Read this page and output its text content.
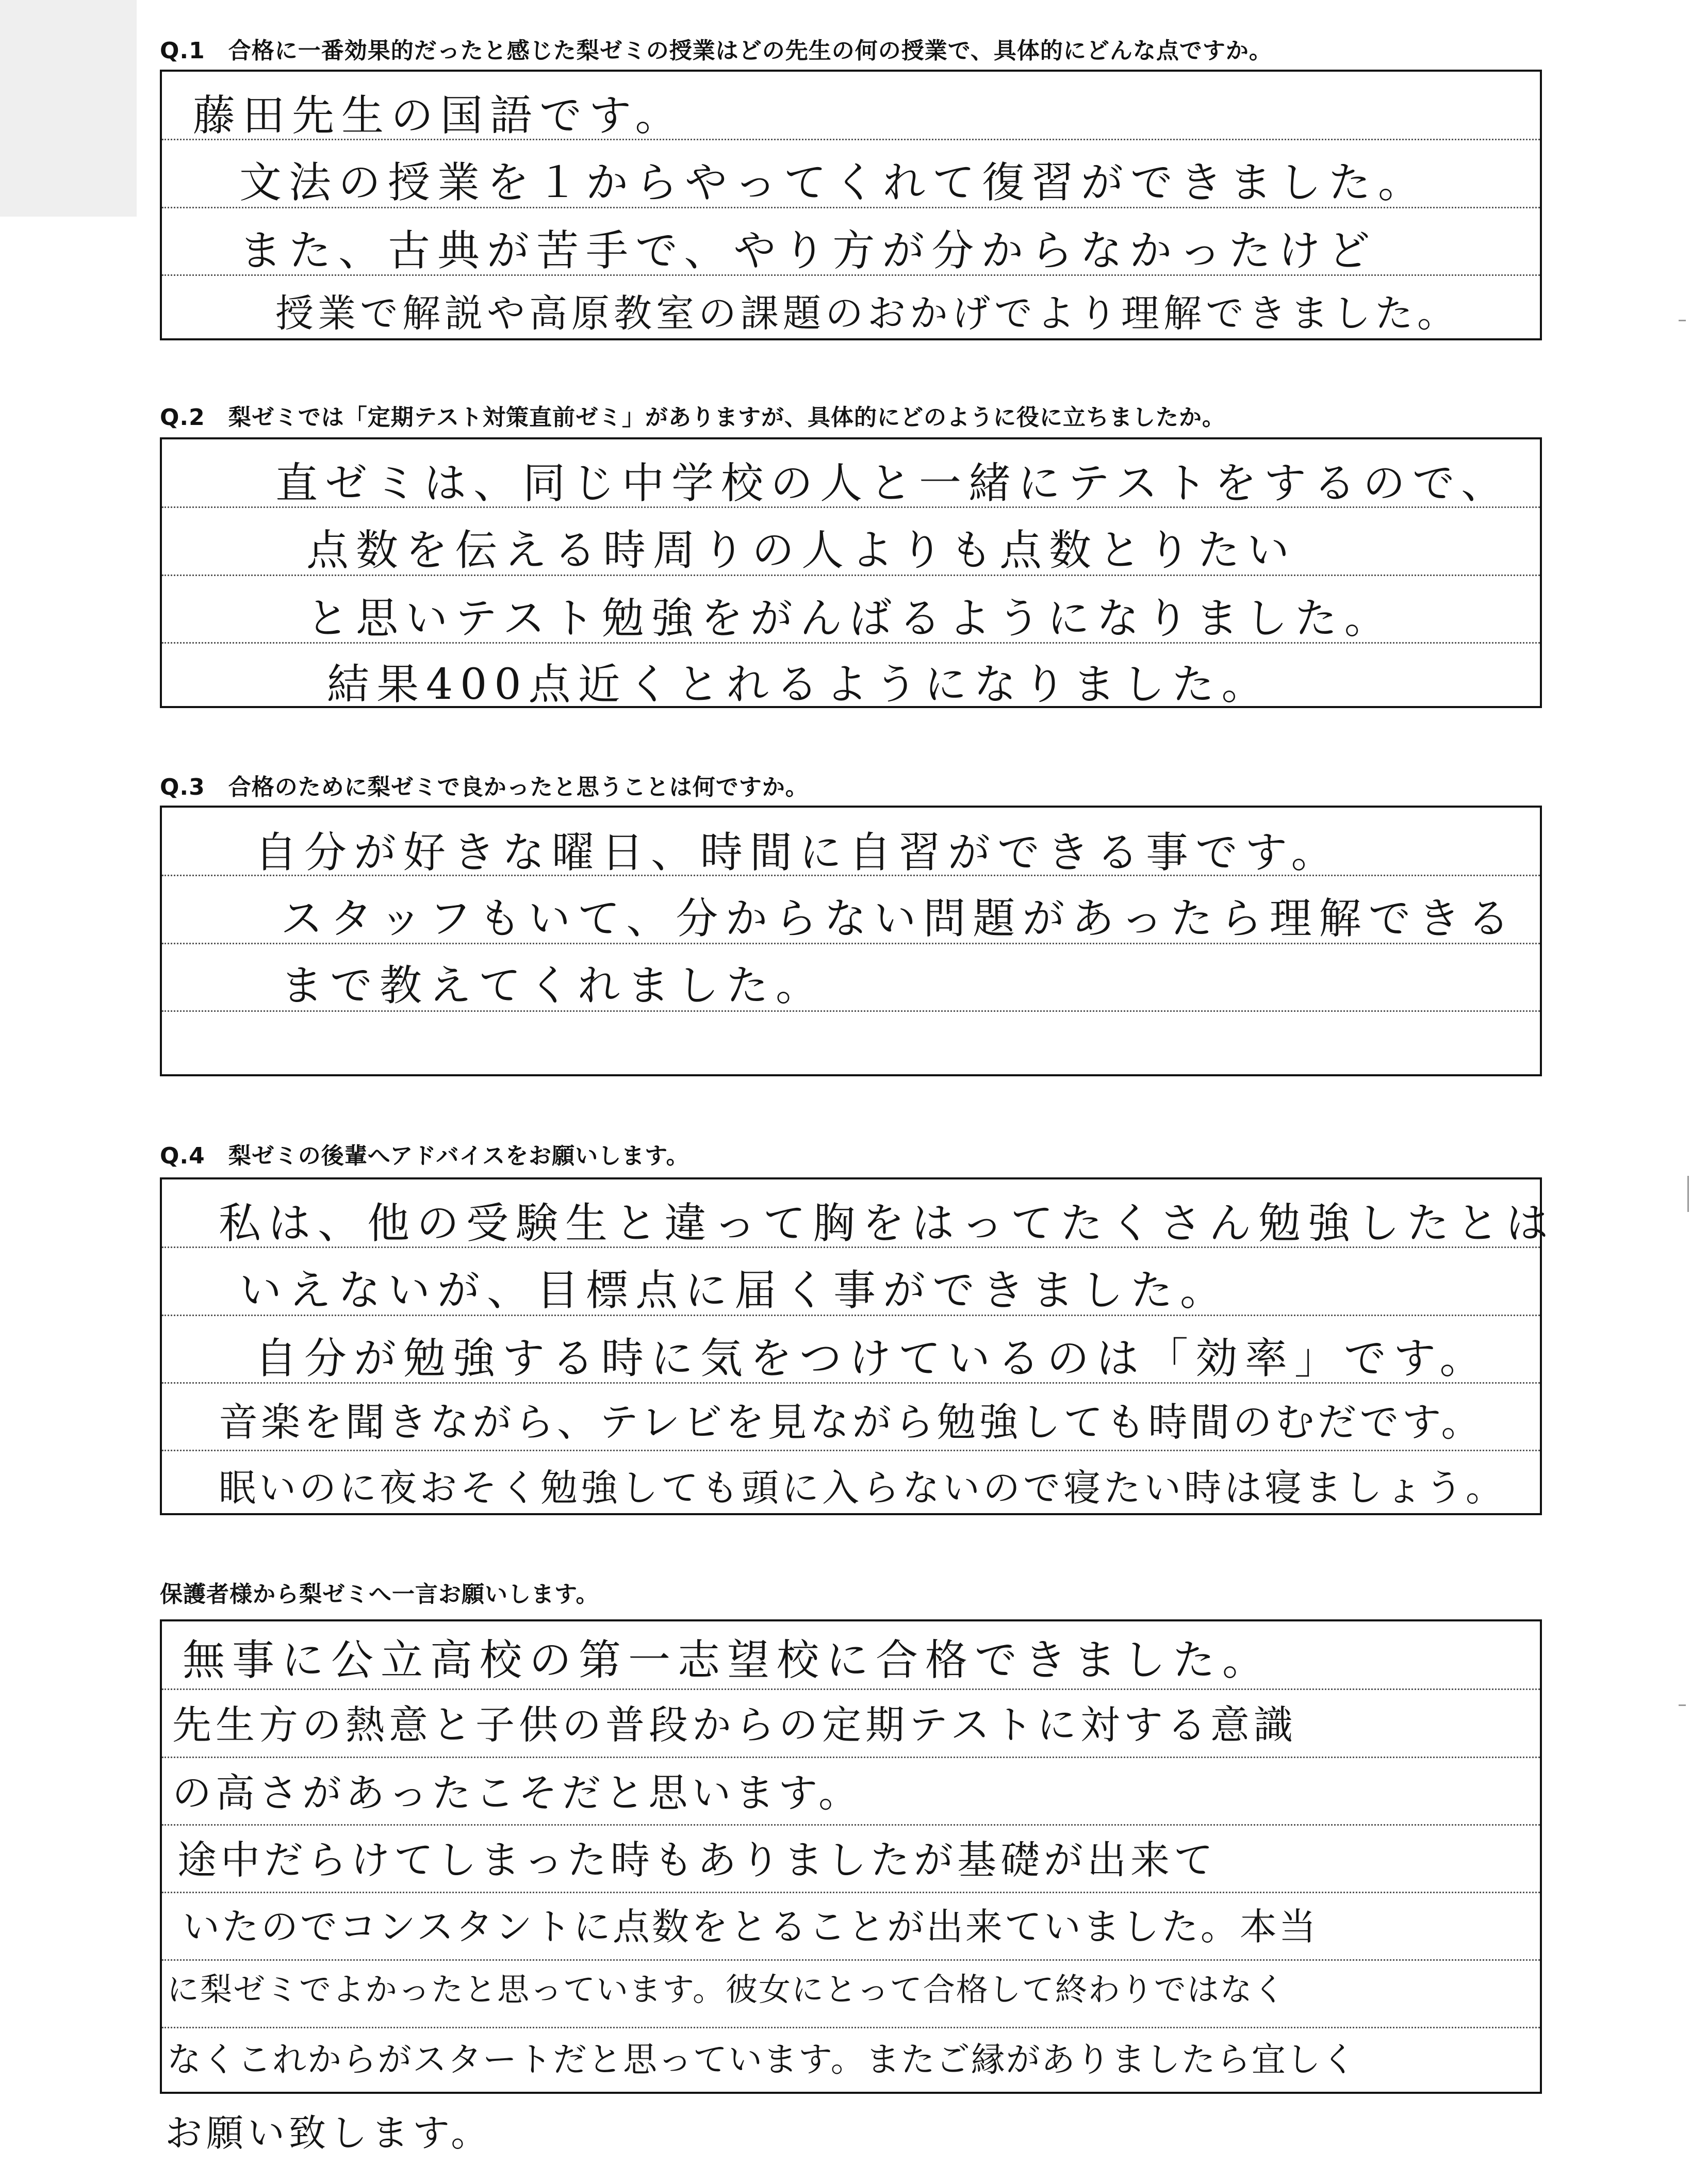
Q.1　合格に一番効果的だったと感じた梨ゼミの授業はどの先生の何の授業で、具体的にどんな点ですか。
藤田先生の国語です。
文法の授業を１からやってくれて復習ができました。
また、古典が苦手で、やり方が分からなかったけど
授業で解説や高原教室の課題のおかげでより理解できました。
Q.2　梨ゼミでは「定期テスト対策直前ゼミ」がありますが、具体的にどのように役に立ちましたか。
直ゼミは、同じ中学校の人と一緒にテストをするので、
点数を伝える時周りの人よりも点数とりたい
と思いテスト勉強をがんばるようになりました。
結果400点近くとれるようになりました。
Q.3　合格のために梨ゼミで良かったと思うことは何ですか。
自分が好きな曜日、時間に自習ができる事です。
スタッフもいて、分からない問題があったら理解できる
まで教えてくれました。
Q.4　梨ゼミの後輩へアドバイスをお願いします。
私は、他の受験生と違って胸をはってたくさん勉強したとは
いえないが、目標点に届く事ができました。
自分が勉強する時に気をつけているのは「効率」です。
音楽を聞きながら、テレビを見ながら勉強しても時間のむだです。
眠いのに夜おそく勉強しても頭に入らないので寝たい時は寝ましょう。
保護者様から梨ゼミへ一言お願いします。
無事に公立高校の第一志望校に合格できました。
先生方の熱意と子供の普段からの定期テストに対する意識
の高さがあったこそだと思います。
途中だらけてしまった時もありましたが基礎が出来て
いたのでコンスタントに点数をとることが出来ていました。本当
に梨ゼミでよかったと思っています。彼女にとって合格して終わりではなく
なくこれからがスタートだと思っています。またご縁がありましたら宜しく
お願い致します。
